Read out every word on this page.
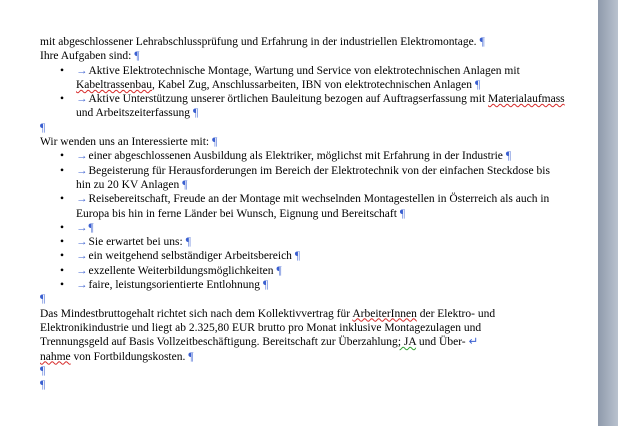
mit abgeschlossener Lehrabschlussprüfung und Erfahrung in der industriellen Elektromontage. ¶
Ihre Aufgaben sind: ¶
• →Aktive Elektrotechnische Montage, Wartung und Service von elektrotechnischen Anlagen mit
Kabeltrassenbau, Kabel Zug, Anschlussarbeiten, IBN von elektrotechnischen Anlagen ¶
• →Aktive Unterstützung unserer örtlichen Bauleitung bezogen auf Auftragserfassung mit Materialaufmass
und Arbeitszeiterfassung ¶
¶
Wir wenden uns an Interessierte mit: ¶
• →einer abgeschlossenen Ausbildung als Elektriker, möglichst mit Erfahrung in der Industrie ¶
• →Begeisterung für Herausforderungen im Bereich der Elektrotechnik von der einfachen Steckdose bis
hin zu 20 KV Anlagen ¶
• →Reisebereitschaft, Freude an der Montage mit wechselnden Montagestellen in Österreich als auch in
Europa bis hin in ferne Länder bei Wunsch, Eignung und Bereitschaft ¶
• →¶
• →Sie erwartet bei uns: ¶
• →ein weitgehend selbständiger Arbeitsbereich ¶
• →exzellente Weiterbildungsmöglichkeiten ¶
• →faire, leistungsorientierte Entlohnung ¶
¶
Das Mindestbruttogehalt richtet sich nach dem Kollektivvertrag für ArbeiterInnen der Elektro- und
Elektronikindustrie und liegt ab 2.325,80 EUR brutto pro Monat inklusive Montagezulagen und
Trennungsgeld auf Basis Vollzeitbeschäftigung. Bereitschaft zur Überzahlung; JA und Über- ↵
nahme von Fortbildungskosten. ¶
¶
¶
